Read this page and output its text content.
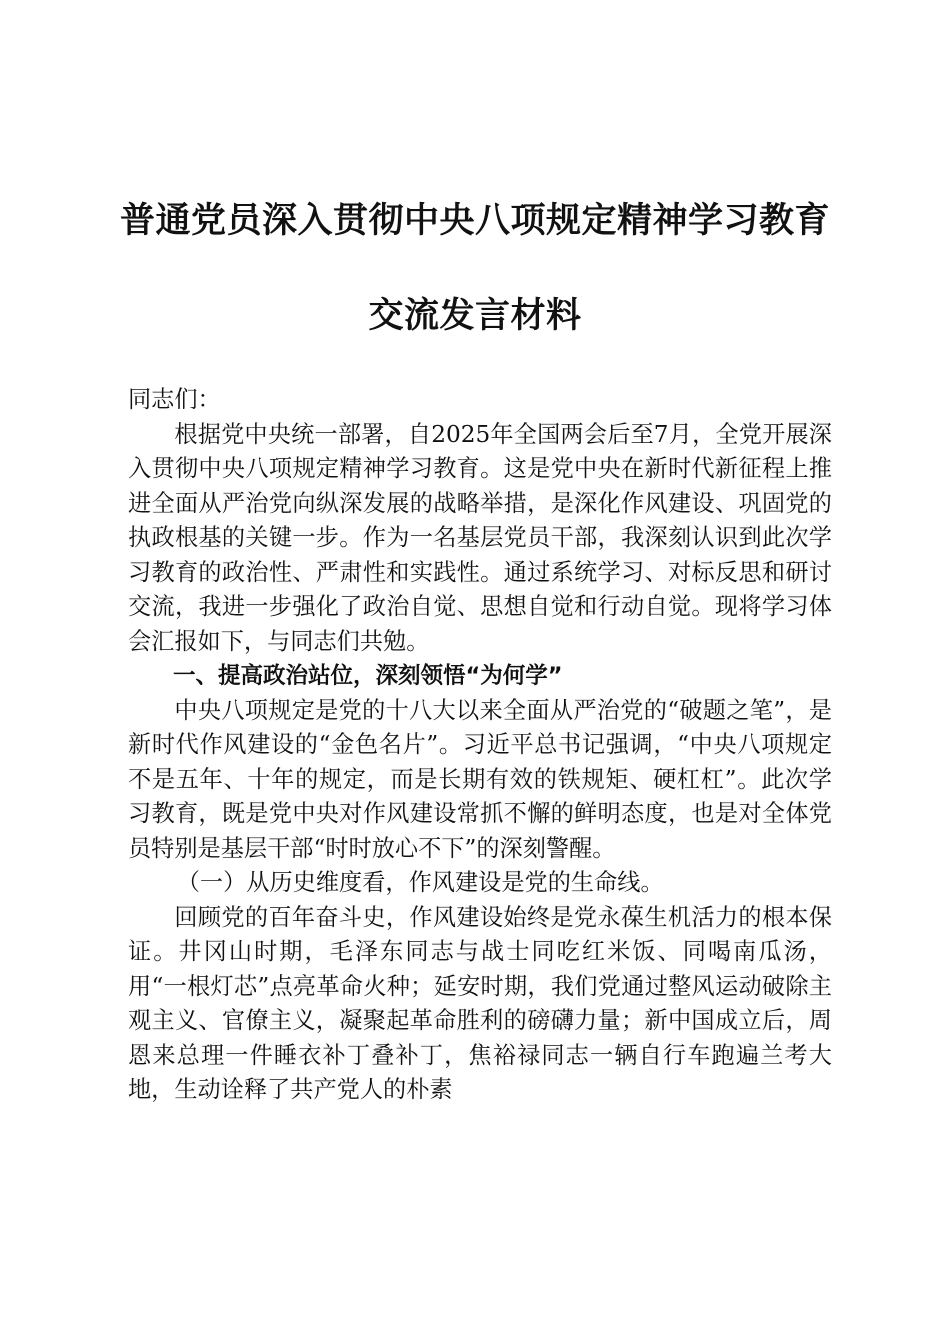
普通党员深入贯彻中央八项规定精神学习教育
交流发言材料

同志们：

根据党中央统一部署，自2025年全国两会后至7月，全党开展深入贯彻中央八项规定精神学习教育。这是党中央在新时代新征程上推进全面从严治党向纵深发展的战略举措，是深化作风建设、巩固党的执政根基的关键一步。作为一名基层党员干部，我深刻认识到此次学习教育的政治性、严肃性和实践性。通过系统学习、对标反思和研讨交流，我进一步强化了政治自觉、思想自觉和行动自觉。现将学习体会汇报如下，与同志们共勉。

一、提高政治站位，深刻领悟“为何学”

中央八项规定是党的十八大以来全面从严治党的“破题之笔”，是新时代作风建设的“金色名片”。习近平总书记强调，“中央八项规定不是五年、十年的规定，而是长期有效的铁规矩、硬杠杠”。此次学习教育，既是党中央对作风建设常抓不懈的鲜明态度，也是对全体党员特别是基层干部“时时放心不下”的深刻警醒。

（一）从历史维度看，作风建设是党的生命线。

回顾党的百年奋斗史，作风建设始终是党永葆生机活力的根本保证。井冈山时期，毛泽东同志与战士同吃红米饭、同喝南瓜汤，用“一根灯芯”点亮革命火种；延安时期，我们党通过整风运动破除主观主义、官僚主义，凝聚起革命胜利的磅礴力量；新中国成立后，周恩来总理一件睡衣补丁叠补丁，焦裕禄同志一辆自行车跑遍兰考大地，生动诠释了共产党人的朴素
